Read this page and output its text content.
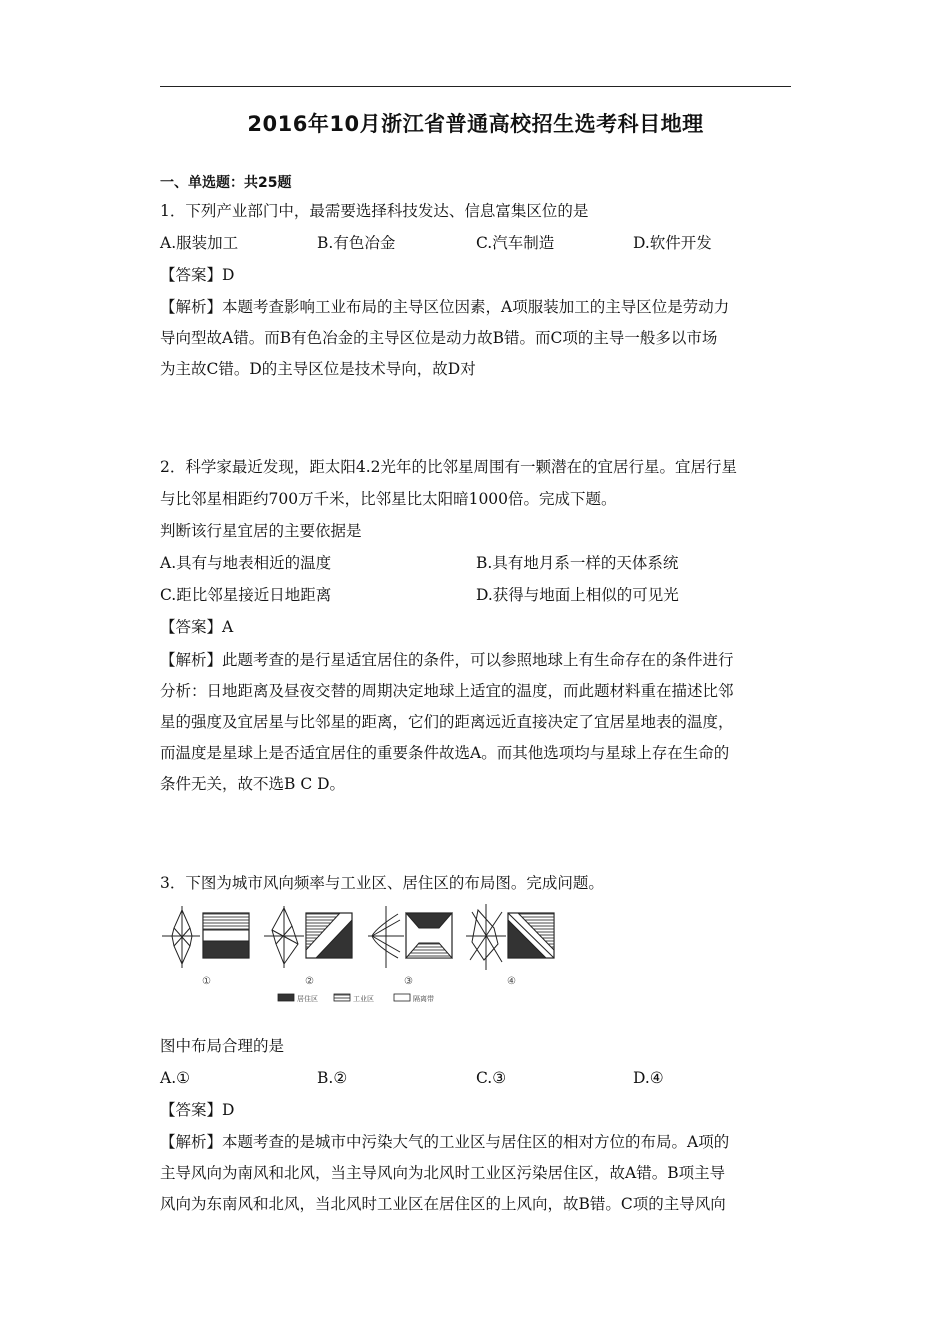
2016年10月浙江省普通高校招生选考科目地理
一、单选题：共25题
1．下列产业部门中，最需要选择科技发达、信息富集区位的是
A.服装加工	B.有色冶金	C.汽车制造	D.软件开发
【答案】D
【解析】本题考查影响工业布局的主导区位因素，A项服装加工的主导区位是劳动力
导向型故A错。而B有色冶金的主导区位是动力故B错。而C项的主导一般多以市场
为主故C错。D的主导区位是技术导向，故D对
2．科学家最近发现，距太阳4.2光年的比邻星周围有一颗潜在的宜居行星。宜居行星
与比邻星相距约700万千米，比邻星比太阳暗1000倍。完成下题。
判断该行星宜居的主要依据是
A.具有与地表相近的温度	B.具有地月系一样的天体系统
C.距比邻星接近日地距离	D.获得与地面上相似的可见光
【答案】A
【解析】此题考查的是行星适宜居住的条件，可以参照地球上有生命存在的条件进行
分析：日地距离及昼夜交替的周期决定地球上适宜的温度，而此题材料重在描述比邻
星的强度及宜居星与比邻星的距离，它们的距离远近直接决定了宜居星地表的温度，
而温度是星球上是否适宜居住的重要条件故选A。而其他选项均与星球上存在生命的
条件无关，故不选B C D。
3．下图为城市风向频率与工业区、居住区的布局图。完成问题。
①	②	③	④
居住区	工业区	隔离带
图中布局合理的是
A.①	B.②	C.③	D.④
【答案】D
【解析】本题考查的是城市中污染大气的工业区与居住区的相对方位的布局。A项的
主导风向为南风和北风，当主导风向为北风时工业区污染居住区，故A错。B项主导
风向为东南风和北风，当北风时工业区在居住区的上风向，故B错。C项的主导风向
